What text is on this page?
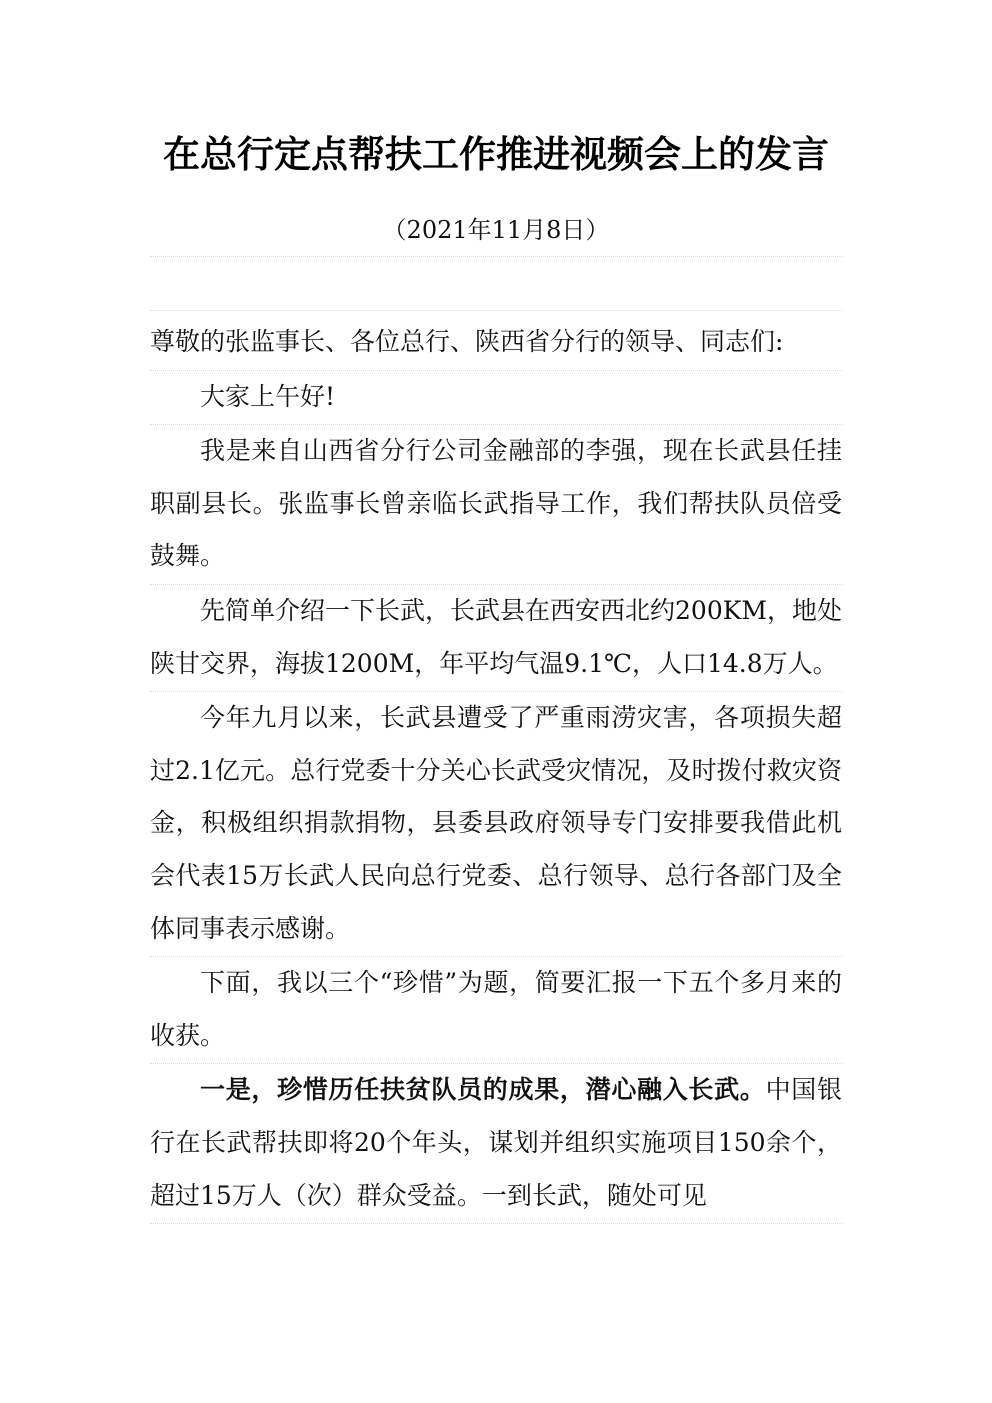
在总行定点帮扶工作推进视频会上的发言
（2021年11月8日）

尊敬的张监事长、各位总行、陕西省分行的领导、同志们:

大家上午好!

我是来自山西省分行公司金融部的李强，现在长武县任挂职副县长。张监事长曾亲临长武指导工作，我们帮扶队员倍受鼓舞。

先简单介绍一下长武，长武县在西安西北约200KM，地处陕甘交界，海拔1200M，年平均气温9.1℃，人口14.8万人。

今年九月以来，长武县遭受了严重雨涝灾害，各项损失超过2.1亿元。总行党委十分关心长武受灾情况，及时拨付救灾资金，积极组织捐款捐物，县委县政府领导专门安排要我借此机会代表15万长武人民向总行党委、总行领导、总行各部门及全体同事表示感谢。

下面，我以三个“珍惜”为题，简要汇报一下五个多月来的收获。

一是，珍惜历任扶贫队员的成果，潜心融入长武。中国银行在长武帮扶即将20个年头，谋划并组织实施项目150余个，超过15万人（次）群众受益。一到长武，随处可见
